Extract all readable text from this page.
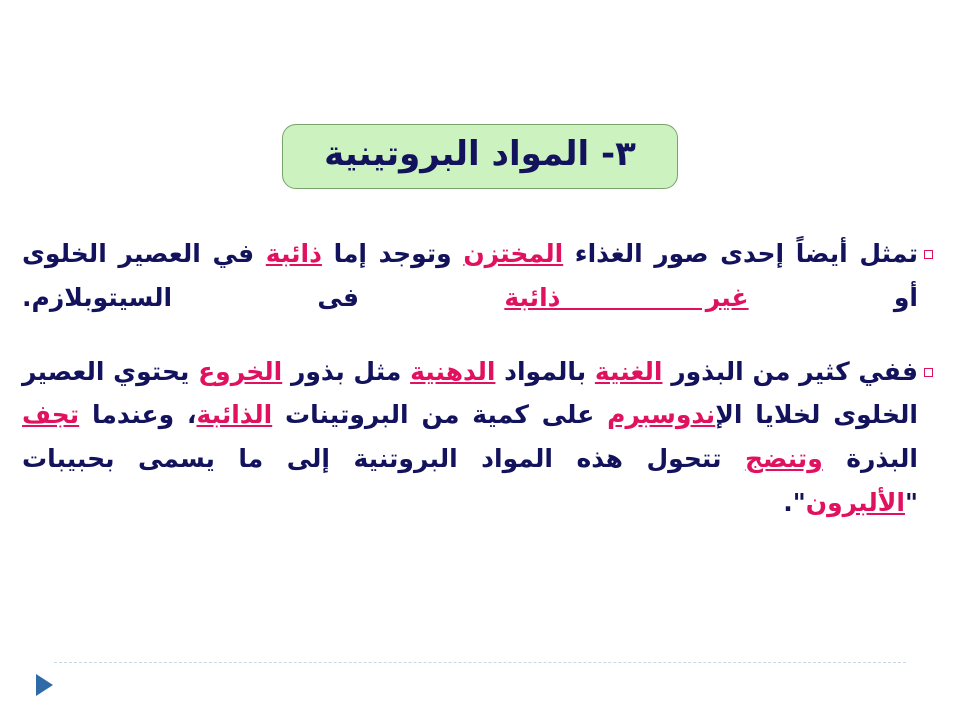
٣- المواد البروتينية
تمثل أيضاً إحدى صور الغذاء المختزن وتوجد إما ذائبة في العصير الخلوى أو غير ذائبة فى السيتوبلازم.
ففي كثير من البذور الغنية بالمواد الدهنية مثل بذور الخروع يحتوي العصير الخلوى لخلايا الإندوسبرم على كمية من البروتينات الذائبة، وعندما تجف البذرة وتنضج تتحول هذه المواد البروتنية إلى ما يسمى بحبيبات "الألبرون".
